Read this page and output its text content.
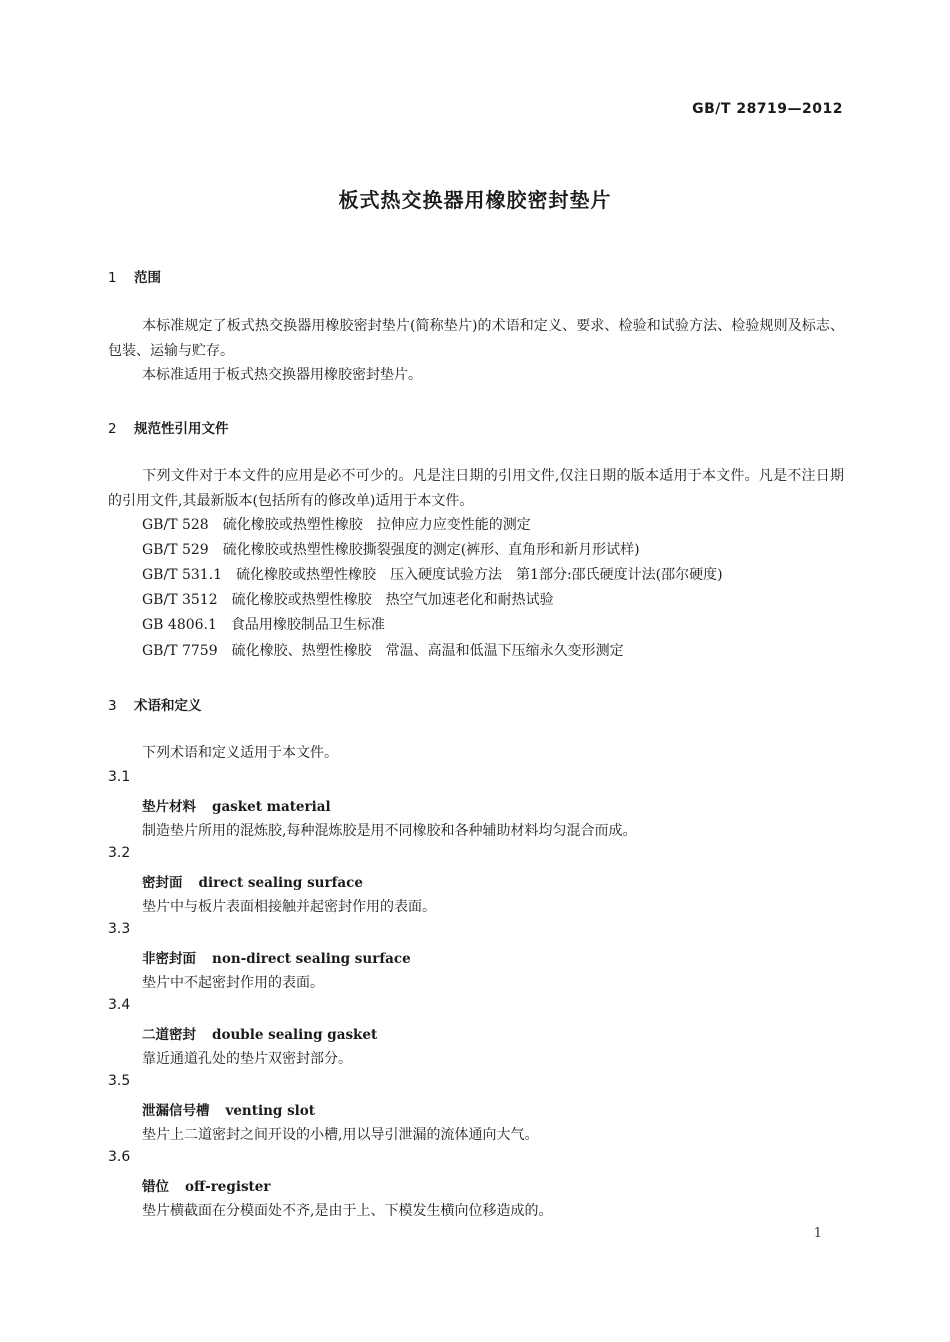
GB/T 28719—2012
板式热交换器用橡胶密封垫片
1 范围
本标准规定了板式热交换器用橡胶密封垫片(简称垫片)的术语和定义、要求、检验和试验方法、检验规则及标志、包装、运输与贮存。
本标准适用于板式热交换器用橡胶密封垫片。
2 规范性引用文件
下列文件对于本文件的应用是必不可少的。凡是注日期的引用文件,仅注日期的版本适用于本文件。凡是不注日期的引用文件,其最新版本(包括所有的修改单)适用于本文件。
GB/T 528 硫化橡胶或热塑性橡胶　拉伸应力应变性能的测定
GB/T 529 硫化橡胶或热塑性橡胶撕裂强度的测定(裤形、直角形和新月形试样)
GB/T 531.1 硫化橡胶或热塑性橡胶　压入硬度试验方法　第1部分:邵氏硬度计法(邵尔硬度)
GB/T 3512 硫化橡胶或热塑性橡胶　热空气加速老化和耐热试验
GB 4806.1 食品用橡胶制品卫生标准
GB/T 7759 硫化橡胶、热塑性橡胶　常温、高温和低温下压缩永久变形测定
3 术语和定义
下列术语和定义适用于本文件。
3.1
垫片材料 gasket material
制造垫片所用的混炼胶,每种混炼胶是用不同橡胶和各种辅助材料均匀混合而成。
3.2
密封面 direct sealing surface
垫片中与板片表面相接触并起密封作用的表面。
3.3
非密封面 non-direct sealing surface
垫片中不起密封作用的表面。
3.4
二道密封 double sealing gasket
靠近通道孔处的垫片双密封部分。
3.5
泄漏信号槽 venting slot
垫片上二道密封之间开设的小槽,用以导引泄漏的流体通向大气。
3.6
错位 off-register
垫片横截面在分模面处不齐,是由于上、下模发生横向位移造成的。
1
